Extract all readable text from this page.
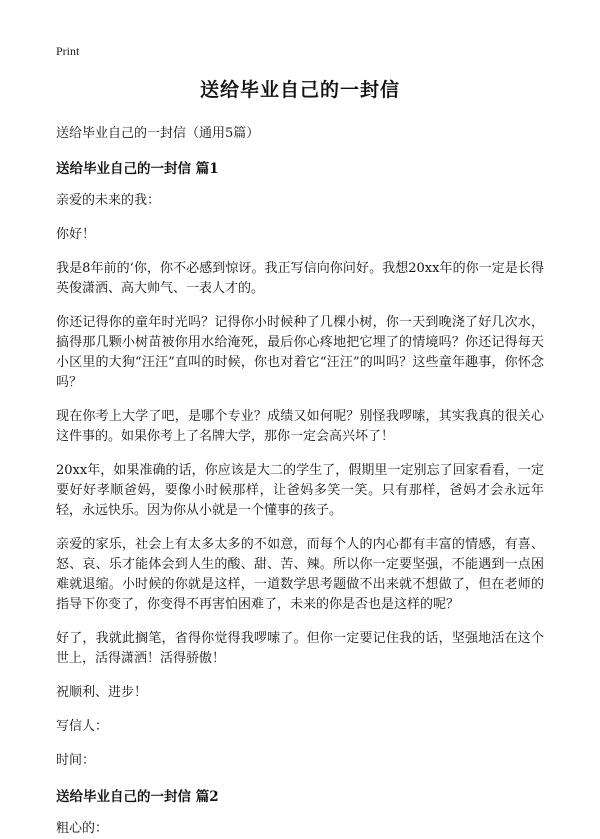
Print
送给毕业自己的一封信
送给毕业自己的一封信（通用5篇）
送给毕业自己的一封信 篇1
亲爱的未来的我：
你好！
我是8年前的‘你，你不必感到惊讶。我正写信向你问好。我想20xx年的你一定是长得英俊潇洒、高大帅气、一表人才的。
你还记得你的童年时光吗？记得你小时候种了几棵小树，你一天到晚浇了好几次水，搞得那几颗小树苗被你用水给淹死，最后你心疼地把它埋了的情境吗？你还记得每天小区里的大狗“汪汪”直叫的时候，你也对着它“汪汪”的叫吗？这些童年趣事，你怀念吗？
现在你考上大学了吧，是哪个专业？成绩又如何呢？别怪我啰嗦，其实我真的很关心这件事的。如果你考上了名牌大学，那你一定会高兴坏了！
20xx年，如果准确的话，你应该是大二的学生了，假期里一定别忘了回家看看，一定要好好孝顺爸妈，要像小时候那样，让爸妈多笑一笑。只有那样，爸妈才会永远年轻，永远快乐。因为你从小就是一个懂事的孩子。
亲爱的家乐，社会上有太多太多的不如意，而每个人的内心都有丰富的情感，有喜、怒、哀、乐才能体会到人生的酸、甜、苦、辣。所以你一定要坚强，不能遇到一点困难就退缩。小时候的你就是这样，一道数学思考题做不出来就不想做了，但在老师的指导下你变了，你变得不再害怕困难了，未来的你是否也是这样的呢？
好了，我就此搁笔，省得你觉得我啰嗦了。但你一定要记住我的话，坚强地活在这个世上，活得潇洒！活得骄傲！
祝顺利、进步！
写信人：
时间：
送给毕业自己的一封信 篇2
粗心的：
